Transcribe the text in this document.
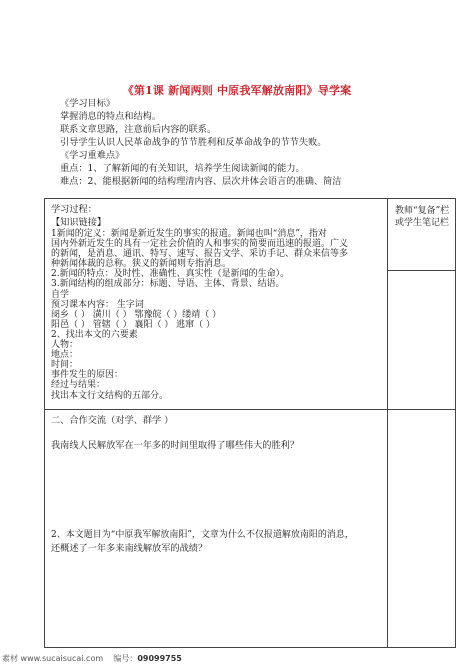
《第1课 新闻两则 中原我军解放南阳》导学案
《学习目标》
掌握消息的特点和结构。
联系文章思路，注意前后内容的联系。
引导学生认识人民革命战争的节节胜利和反革命战争的节节失败。
《学习重难点》
重点：1、了解新闻的有关知识，培养学生阅读新闻的能力。
难点：2、能根据新闻的结构理清内容、层次并体会语言的准确、简洁
教师“复备”栏或学生笔记栏
学习过程：
【知识链接】
1新闻的定义：新闻是新近发生的事实的报道。新闻也叫“消息”，指对
国内外新近发生的具有一定社会价值的人和事实的简要而迅速的报道。广义
的新闻，是消息、通讯、特写、速写、报告文学、采访手记、群众来信等多
种新闻体裁的总称。狭义的新闻则专指消息。
2.新闻的特点：及时性、准确性、真实性（是新闻的生命）。
3.新闻结构的组成部分：标题、导语、主体、背景、结语。
自学
预习课本内容： 生字词
阌乡（ ） 潢川（ ） 鄂豫皖（ ）缕靖（ ）
阳邑（ ） 管辖（ ） 襄阳（ ） 逃窜（ ）
2、找出本文的六要素
人物：
地点：
时间：
事件发生的原因：
经过与结果：
找出本文行文结构的五部分。
二、合作交流（对学、群学 ）
我南线人民解放军在一年多的时间里取得了哪些伟大的胜利？
2、本文题目为“中原我军解放南阳”，文章为什么不仅报道解放南阳的消息，
还概述了一年多来南线解放军的战绩？
素材 www.sucaisucai.com 编号：09099755
